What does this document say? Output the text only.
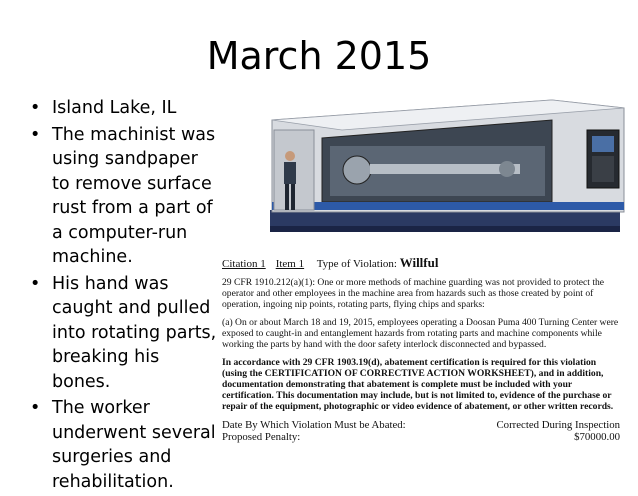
March 2015
• Island Lake, IL
• The machinist was using sandpaper to remove surface rust from a part of a computer-run machine.
• His hand was caught and pulled into rotating parts, breaking his bones.
• The worker underwent several surgeries and rehabilitation.
Citation 1 Item 1 Type of Violation: Willful

29 CFR 1910.212(a)(1): One or more methods of machine guarding was not provided to protect the operator and other employees in the machine area from hazards such as those created by point of operation, ingoing nip points, rotating parts, flying chips and sparks:

(a) On or about March 18 and 19, 2015, employees operating a Doosan Puma 400 Turning Center were exposed to caught-in and entanglement hazards from rotating parts and machine components while working the parts by hand with the door safety interlock disconnected and bypassed.

In accordance with 29 CFR 1903.19(d), abatement certification is required for this violation (using the CERTIFICATION OF CORRECTIVE ACTION WORKSHEET), and in addition, documentation demonstrating that abatement is complete must be included with your certification. This documentation may include, but is not limited to, evidence of the purchase or repair of the equipment, photographic or video evidence of abatement, or other written records.

Date By Which Violation Must be Abated:
Proposed Penalty:
Corrected During Inspection
$70000.00
